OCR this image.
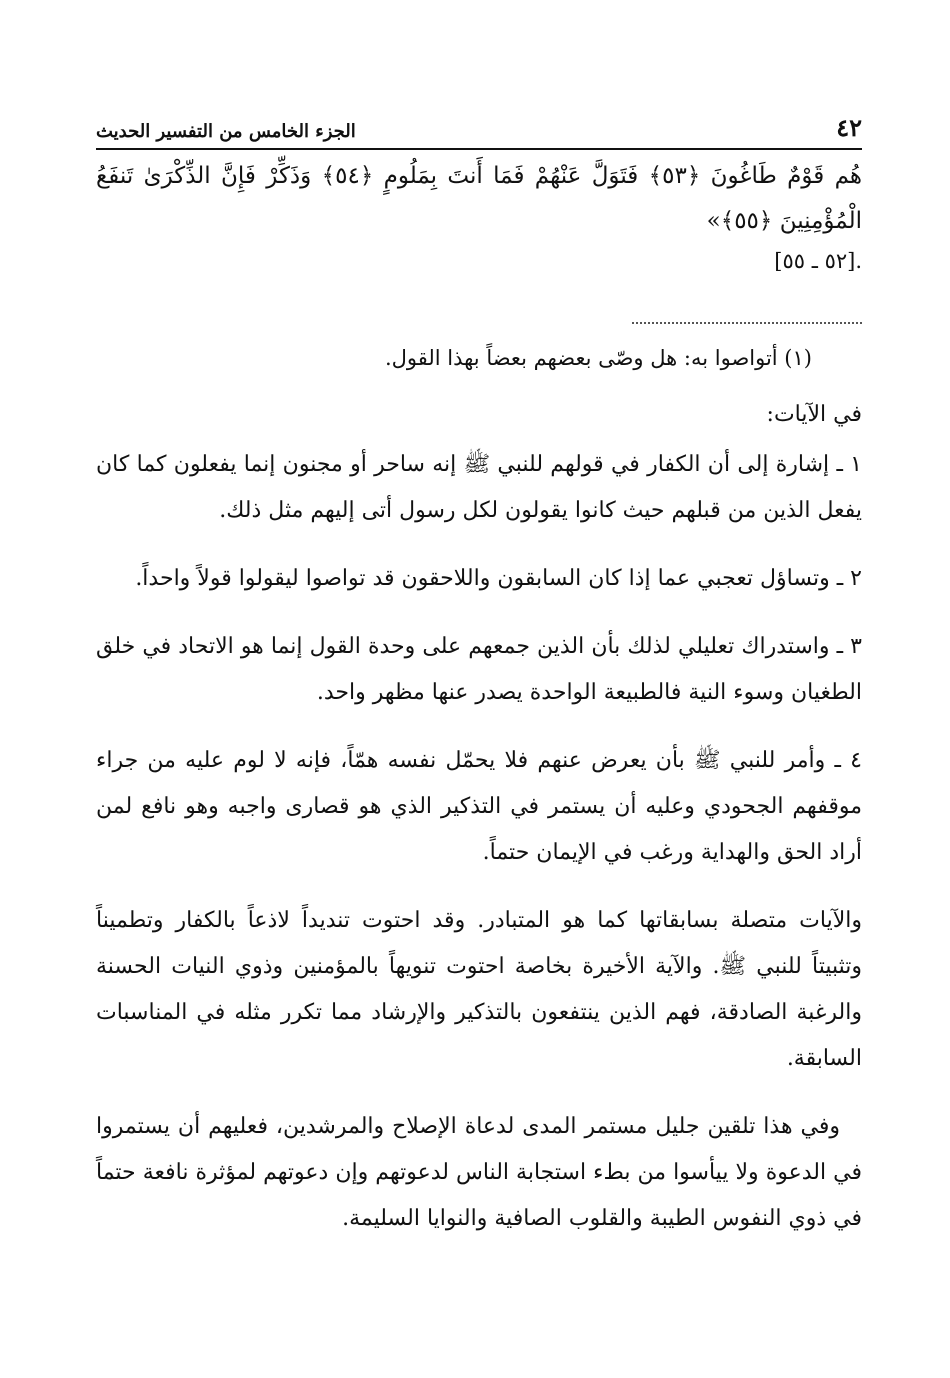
٤٢
الجزء الخامس من التفسير الحديث
هُم قَوْمٌ طَاغُونَ ﴿٥٣﴾ فَتَوَلَّ عَنْهُمْ فَمَا أَنتَ بِمَلُومٍ ﴿٥٤﴾ وَذَكِّرْ فَإِنَّ الذِّكْرَىٰ تَنفَعُ الْمُؤْمِنِينَ ﴿٥٥﴾»
.[٥٢ ـ ٥٥]
(١) أتواصوا به: هل وصّى بعضهم بعضاً بهذا القول.
في الآيات:

١ ـ إشارة إلى أن الكفار في قولهم للنبي ﷺ إنه ساحر أو مجنون إنما يفعلون كما كان يفعل الذين من قبلهم حيث كانوا يقولون لكل رسول أتى إليهم مثل ذلك.

٢ ـ وتساؤل تعجبي عما إذا كان السابقون واللاحقون قد تواصوا ليقولوا قولاً واحداً.

٣ ـ واستدراك تعليلي لذلك بأن الذين جمعهم على وحدة القول إنما هو الاتحاد في خلق الطغيان وسوء النية فالطبيعة الواحدة يصدر عنها مظهر واحد.

٤ ـ وأمر للنبي ﷺ بأن يعرض عنهم فلا يحمّل نفسه همّاً، فإنه لا لوم عليه من جراء موقفهم الجحودي وعليه أن يستمر في التذكير الذي هو قصارى واجبه وهو نافع لمن أراد الحق والهداية ورغب في الإيمان حتماً.

والآيات متصلة بسابقاتها كما هو المتبادر. وقد احتوت تنديداً لاذعاً بالكفار وتطميناً وتثبيتاً للنبي ﷺ. والآية الأخيرة بخاصة احتوت تنويهاً بالمؤمنين وذوي النيات الحسنة والرغبة الصادقة، فهم الذين ينتفعون بالتذكير والإرشاد مما تكرر مثله في المناسبات السابقة.

وفي هذا تلقين جليل مستمر المدى لدعاة الإصلاح والمرشدين، فعليهم أن يستمروا في الدعوة ولا ييأسوا من بطء استجابة الناس لدعوتهم وإن دعوتهم لمؤثرة نافعة حتماً في ذوي النفوس الطيبة والقلوب الصافية والنوايا السليمة.
